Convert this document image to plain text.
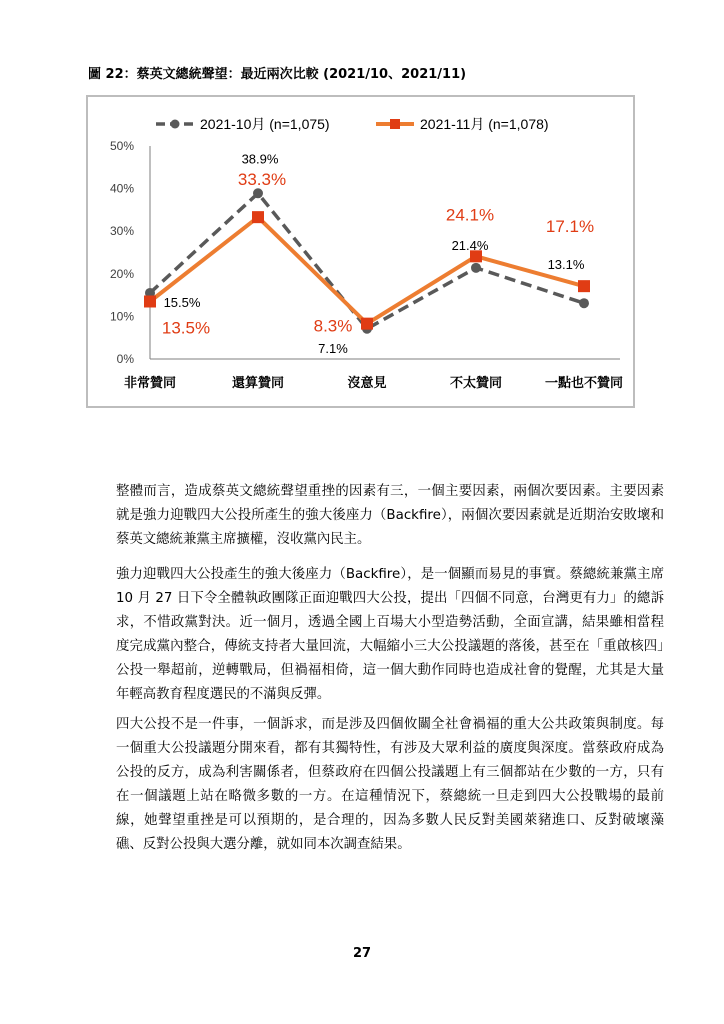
圖 22：蔡英文總統聲望：最近兩次比較 (2021/10、2021/11)
0%
10%
20%
30%
40%
50%
非常贊同	還算贊同	沒意見	不太贊同	一點也不贊同
2021-10月 (n=1,075)	2021-11月 (n=1,078)
15.5%
38.9%
7.1%
21.4%
13.1%
13.5%
33.3%
8.3%
24.1%
17.1%

整體而言，造成蔡英文總統聲望重挫的因素有三，一個主要因素，兩個次要因素。主要因素就是強力迎戰四大公投所產生的強大後座力（Backfire），兩個次要因素就是近期治安敗壞和蔡英文總統兼黨主席擴權，沒收黨內民主。

強力迎戰四大公投產生的強大後座力（Backfire），是一個顯而易見的事實。蔡總統兼黨主席 10 月 27 日下令全體執政團隊正面迎戰四大公投，提出「四個不同意，台灣更有力」的總訴求，不惜政黨對決。近一個月，透過全國上百場大小型造勢活動，全面宣講，結果雖相當程度完成黨內整合，傳統支持者大量回流，大幅縮小三大公投議題的落後，甚至在「重啟核四」公投一舉超前，逆轉戰局，但禍福相倚，這一個大動作同時也造成社會的覺醒，尤其是大量年輕高教育程度選民的不滿與反彈。

四大公投不是一件事，一個訴求，而是涉及四個攸關全社會禍福的重大公共政策與制度。每一個重大公投議題分開來看，都有其獨特性，有涉及大眾利益的廣度與深度。當蔡政府成為公投的反方，成為利害關係者，但蔡政府在四個公投議題上有三個都站在少數的一方，只有在一個議題上站在略微多數的一方。在這種情況下，蔡總統一旦走到四大公投戰場的最前線，她聲望重挫是可以預期的，是合理的，因為多數人民反對美國萊豬進口、反對破壞藻礁、反對公投與大選分離，就如同本次調查結果。

27
